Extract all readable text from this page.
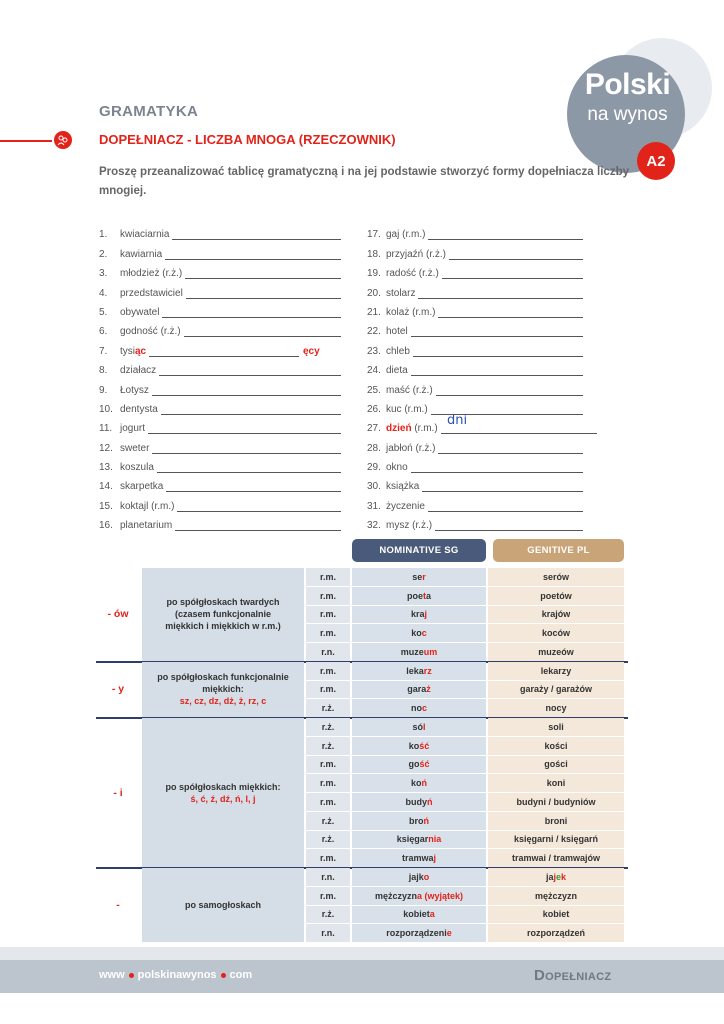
Polski
na wynos
A2
GRAMATYKA
DOPEŁNIACZ - LICZBA MNOGA (RZECZOWNIK)
Proszę przeanalizować tablicę gramatyczną i na jej podstawie stworzyć formy dopełniacza liczby mnogiej.
1.	kwiaciarnia
2.	kawiarnia
3.	młodzież (r.ż.)
4.	przedstawiciel
5.	obywatel
6.	godność (r.ż.)
7.	tysiąc	ęcy
8.	działacz
9.	Łotysz
10. dentysta
11. jogurt
12. sweter
13. koszula
14. skarpetka
15. koktajl (r.m.)
16. planetarium
17. gaj (r.m.)
18. przyjaźń (r.ż.)
19. radość (r.ż.)
20. stolarz
21. kolaż (r.m.)
22. hotel
23. chleb
24. dieta
25. maść (r.ż.)
26. kuc (r.m.)
27. dzień (r.m.)
dni
28. jabłoń (r.ż.)
29. okno
30. książka
31. życzenie
32. mysz (r.ż.)
NOMINATIVE SG	GENITIVE PL
- ów
po spółgłoskach twardych
(czasem funkcjonalnie
miękkich i miękkich w r.m.)
r.m.	se r	serów
r.m.	poe t a	poetów
r.m.	kra j	krajów
r.m.	ko c	koców
r.n.	muze um	muzeów
- y
po spółgłoskach funkcjonalnie
miękkich:
sz, cz, dz, dż, ż, rz, c
r.m.	leka rz	lekarzy
r.m.	gara ż	garaży / garażów
r.ż.	no c	nocy
- i	po spółgłoskach miękkich:
ś, ć, ź, dź, ń, l, j
r.ż.	só l	soli
r.ż.	ko ść	kości
r.m.	go ść	gości
r.m.	ko ń	koni
r.m.	budy ń	budyni / budyniów
r.ż.	bro ń	broni
r.ż.	księgar nia	księgarni / księgarń
r.m.	tramwa j	tramwai / tramwajów
-	po samogłoskach
r.n.	jajk o	ja j e k
r.m.	mężczyzn a (wyjątek)	mężczyzn
r.ż.	kobiet a	kobiet
r.n.	rozporządzeni e	rozporządzeń
www polskinawynos com	Dopełniacz
